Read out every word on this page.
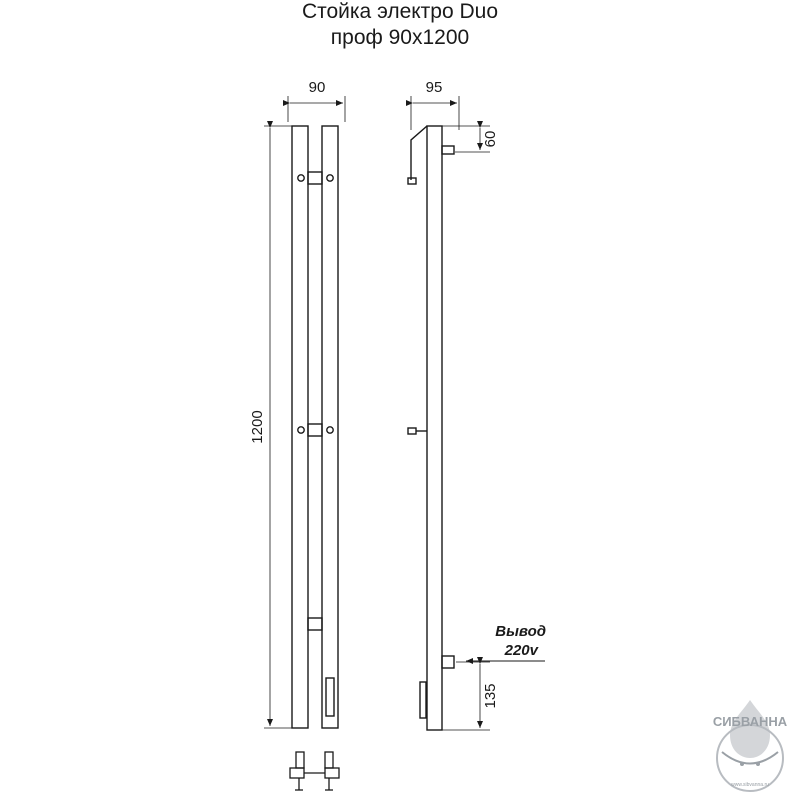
Стойка электро Duo
проф 90x1200
90
1200
95
60
135
Вывод
220v
СИБВАННА
www.sibvanna.ru
